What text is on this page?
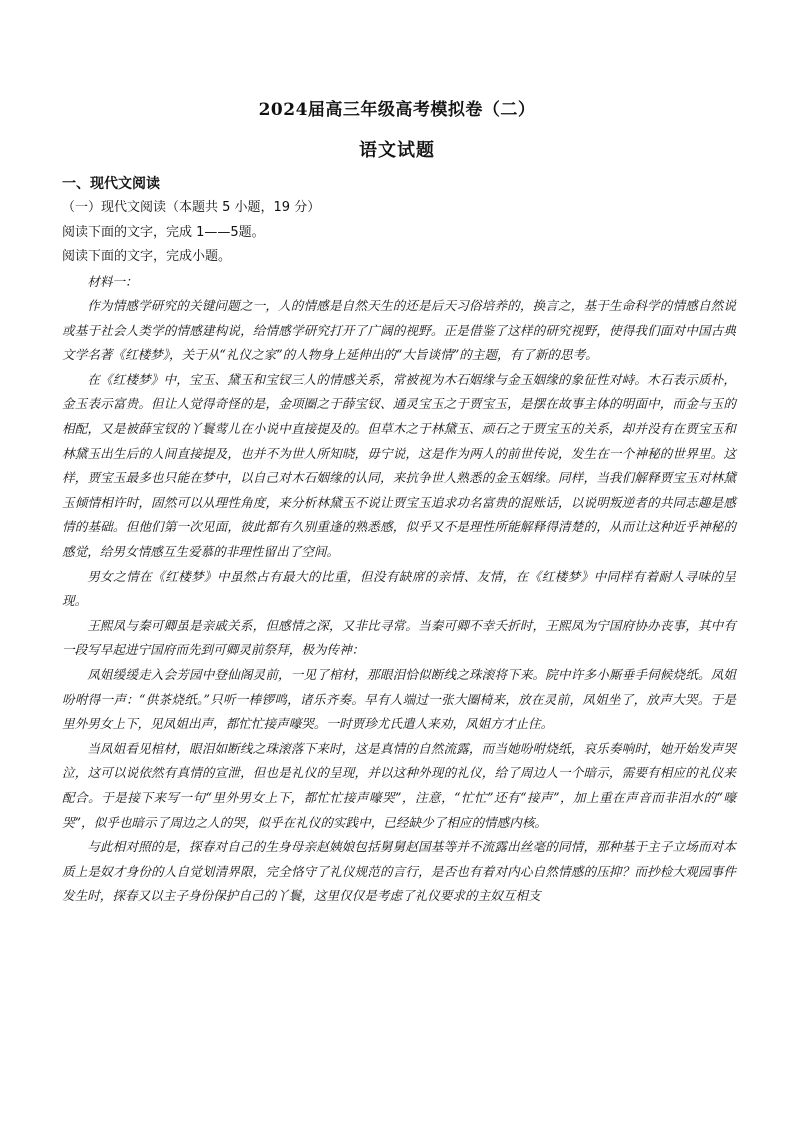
2024届高三年级高考模拟卷（二）
语文试题

一、现代文阅读

（一）现代文阅读（本题共 5 小题，19 分）

阅读下面的文字，完成 1——5题。

阅读下面的文字，完成小题。

材料一：

作为情感学研究的关键问题之一，人的情感是自然天生的还是后天习俗培养的，换言之，基于生命科学的情感自然说或基于社会人类学的情感建构说，给情感学研究打开了广阔的视野。正是借鉴了这样的研究视野，使得我们面对中国古典文学名著《红楼梦》，关于从“礼仪之家”的人物身上延伸出的“大旨谈情”的主题，有了新的思考。

在《红楼梦》中，宝玉、黛玉和宝钗三人的情感关系，常被视为木石姻缘与金玉姻缘的象征性对峙。木石表示质朴，金玉表示富贵。但让人觉得奇怪的是，金项圈之于薛宝钗、通灵宝玉之于贾宝玉，是摆在故事主体的明面中，而金与玉的相配，又是被薛宝钗的丫鬟莺儿在小说中直接提及的。但草木之于林黛玉、顽石之于贾宝玉的关系，却并没有在贾宝玉和林黛玉出生后的人间直接提及，也并不为世人所知晓，毋宁说，这是作为两人的前世传说，发生在一个神秘的世界里。这样，贾宝玉最多也只能在梦中，以自己对木石姻缘的认同，来抗争世人熟悉的金玉姻缘。同样，当我们解释贾宝玉对林黛玉倾情相许时，固然可以从理性角度，来分析林黛玉不说让贾宝玉追求功名富贵的混账话，以说明叛逆者的共同志趣是感情的基础。但他们第一次见面，彼此都有久别重逢的熟悉感，似乎又不是理性所能解释得清楚的，从而让这种近乎神秘的感觉，给男女情感互生爱慕的非理性留出了空间。

男女之情在《红楼梦》中虽然占有最大的比重，但没有缺席的亲情、友情，在《红楼梦》中同样有着耐人寻味的呈现。

王熙凤与秦可卿虽是亲戚关系，但感情之深，又非比寻常。当秦可卿不幸夭折时，王熙凤为宁国府协办丧事，其中有一段写早起进宁国府而先到可卿灵前祭拜，极为传神：

凤姐缓缓走入会芳园中登仙阁灵前，一见了棺材，那眼泪恰似断线之珠滚将下来。院中许多小厮垂手伺候烧纸。凤姐吩咐得一声：“供茶烧纸。”只听一棒锣鸣，诸乐齐奏。早有人端过一张大圈椅来，放在灵前，凤姐坐了，放声大哭。于是里外男女上下，见凤姐出声，都忙忙接声嚎哭。一时贾珍尤氏遣人来劝，凤姐方才止住。

当凤姐看见棺材，眼泪如断线之珠滚落下来时，这是真情的自然流露，而当她吩咐烧纸，哀乐奏响时，她开始发声哭泣，这可以说依然有真情的宣泄，但也是礼仪的呈现，并以这种外现的礼仪，给了周边人一个暗示，需要有相应的礼仪来配合。于是接下来写一句“里外男女上下，都忙忙接声嚎哭”，注意，“忙忙”还有“接声”，加上重在声音而非泪水的“嚎哭”，似乎也暗示了周边之人的哭，似乎在礼仪的实践中，已经缺少了相应的情感内核。

与此相对照的是，探春对自己的生身母亲赵姨娘包括舅舅赵国基等并不流露出丝毫的同情，那种基于主子立场而对本质上是奴才身份的人自觉划清界限，完全恪守了礼仪规范的言行，是否也有着对内心自然情感的压抑？而抄检大观园事件发生时，探春又以主子身份保护自己的丫鬟，这里仅仅是考虑了礼仪要求的主奴互相支
